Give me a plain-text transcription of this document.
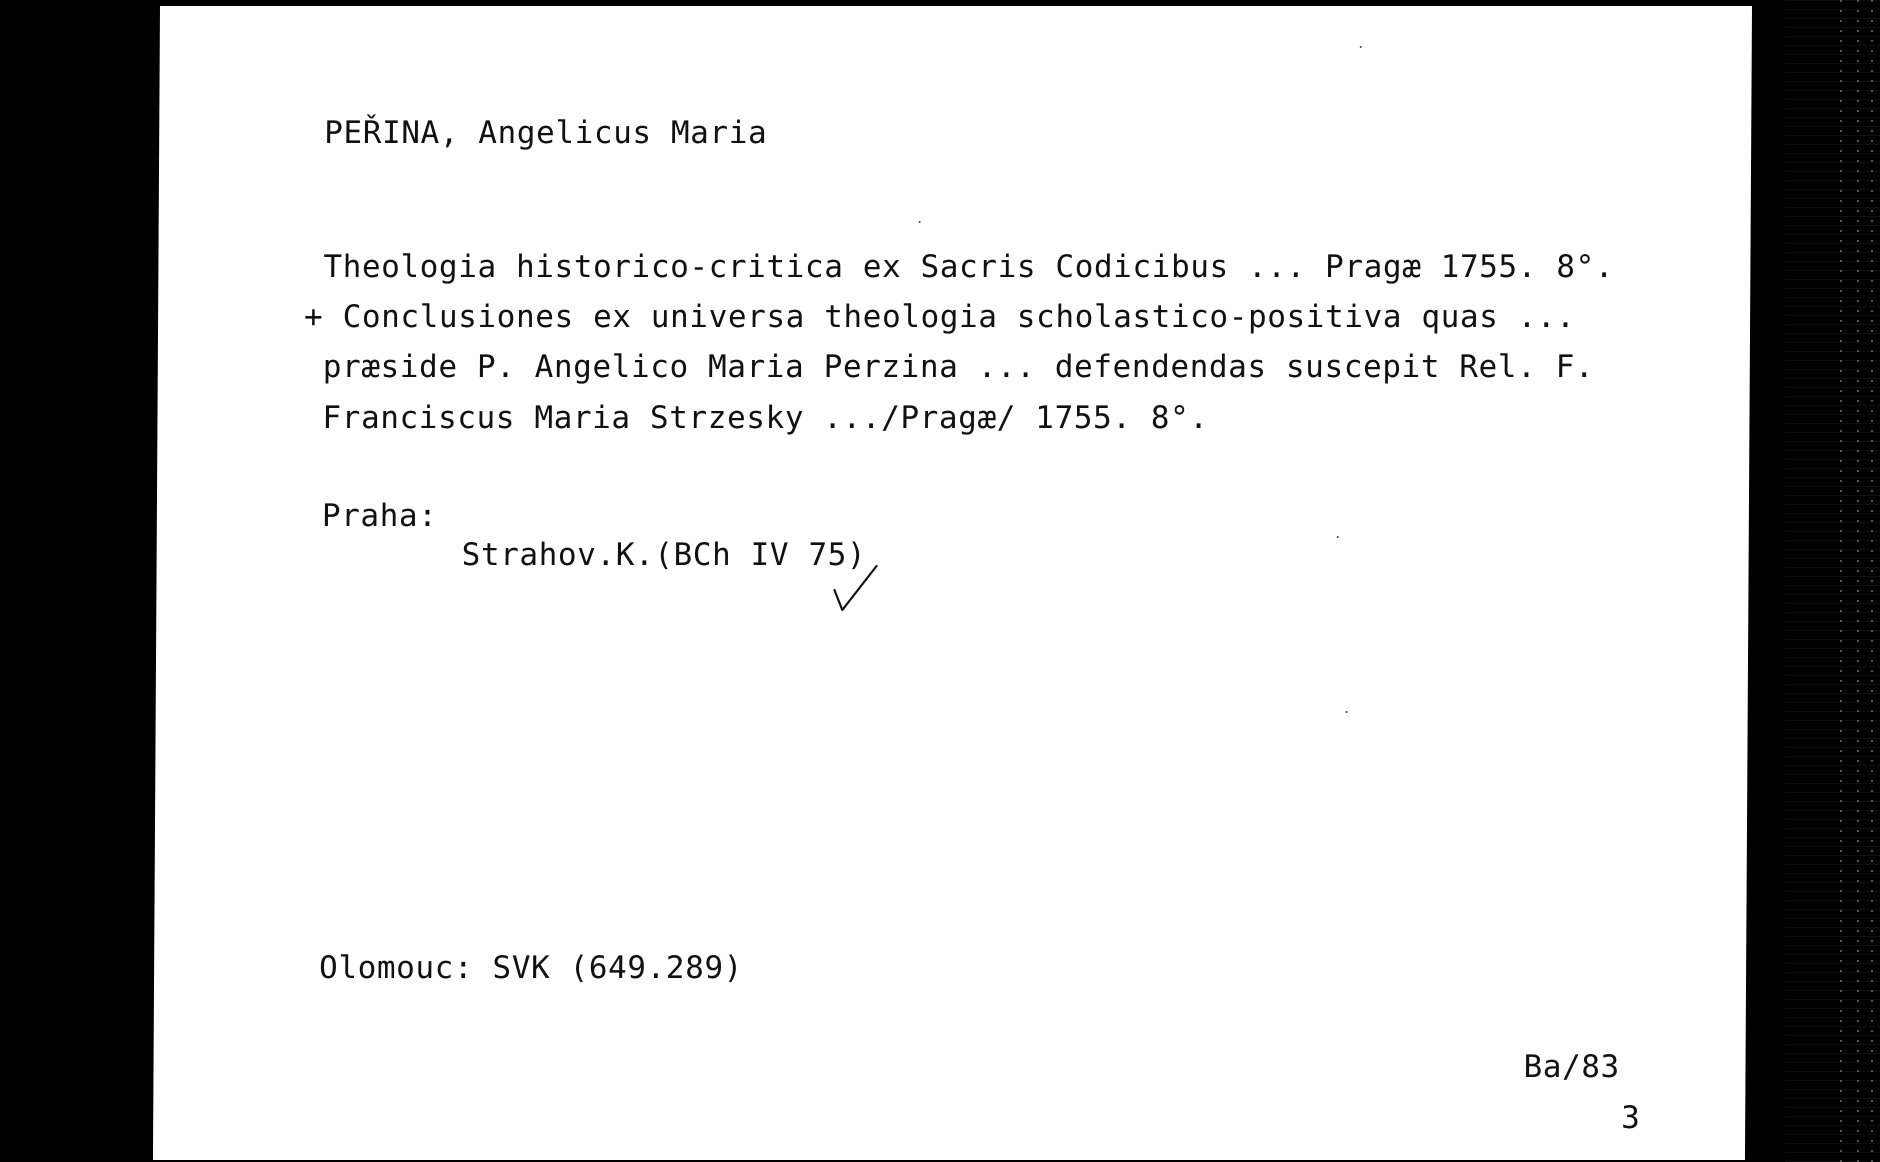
PEŘINA, Angelicus Maria
Theologia historico-critica ex Sacris Codicibus ... Pragæ 1755. 8°.
+ Conclusiones ex universa theologia scholastico-positiva quas ...
præside P. Angelico Maria Perzina ... defendendas suscepit Rel. F.
Franciscus Maria Strzesky .../Pragæ/ 1755. 8°.
Praha:
Strahov.K.(BCh IV 75)
Olomouc: SVK (649.289)
Ba/83
3
